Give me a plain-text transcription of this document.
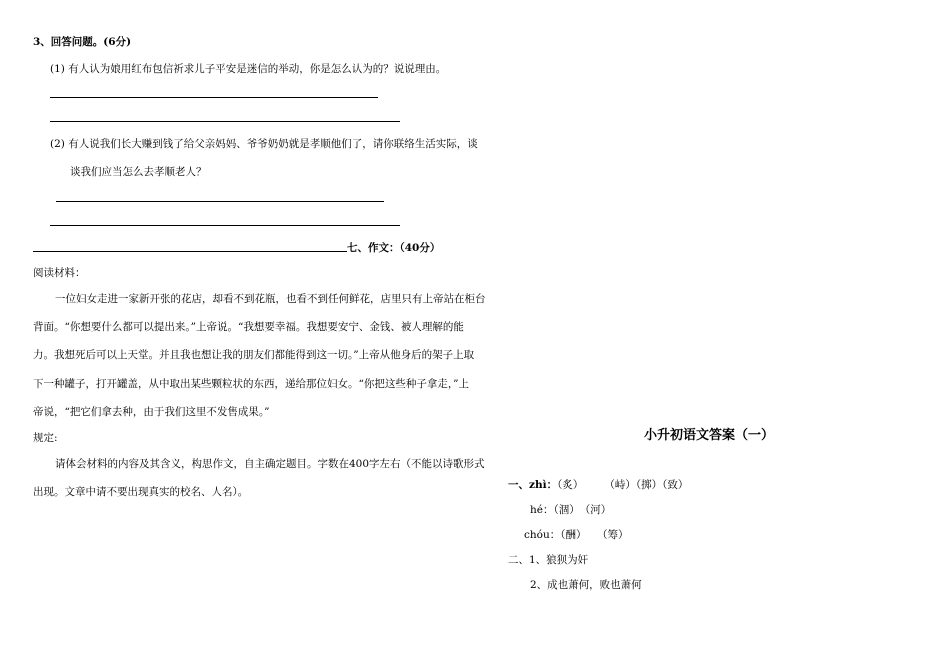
3、回答问题。(6分)
(1) 有人认为娘用红布包信祈求儿子平安是迷信的举动，你是怎么认为的？说说理由。
(2) 有人说我们长大赚到钱了给父亲妈妈、爷爷奶奶就是孝顺他们了，请你联络生活实际，谈
谈我们应当怎么去孝顺老人？
七、作文：（40分）
阅读材料：
一位妇女走进一家新开张的花店，却看不到花瓶，也看不到任何鲜花，店里只有上帝站在柜台
背面。“你想要什么都可以提出来。”上帝说。“我想要幸福。我想要安宁、金钱、被人理解的能
力。我想死后可以上天堂。并且我也想让我的朋友们都能得到这一切。”上帝从他身后的架子上取
下一种罐子，打开罐盖，从中取出某些颗粒状的东西，递给那位妇女。“你把这些种子拿走，”上
帝说，“把它们拿去种，由于我们这里不发售成果。”
规定:
请体会材料的内容及其含义，构思作文，自主确定题目。字数在400字左右（不能以诗歌形式
出现。文章中请不要出现真实的校名、人名）。
小升初语文答案（一）
一、zhì：（炙）　　　（峙）（掷）（致）
hé：（涸）　（河）
chóu：（酬）　　（筹）
二、1、狼狈为奸
2、成也萧何，败也萧何
